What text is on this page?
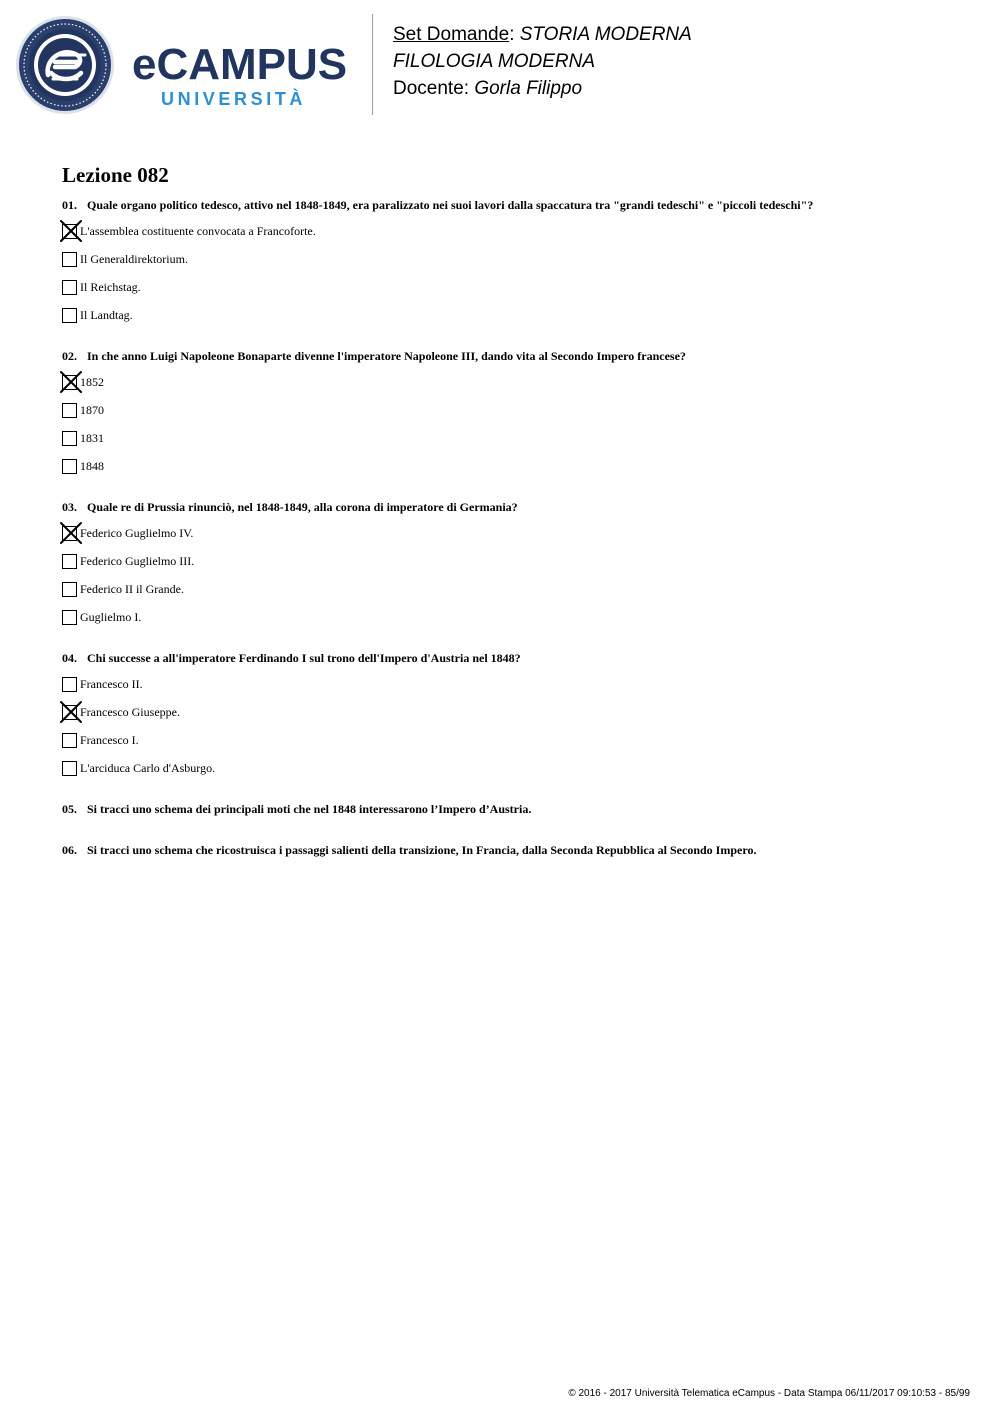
eCAMPUS
UNIVERSITÀ
Set Domande: STORIA MODERNA
FILOLOGIA MODERNA
Docente: Gorla Filippo
Lezione 082
01. Quale organo politico tedesco, attivo nel 1848-1849, era paralizzato nei suoi lavori dalla spaccatura tra "grandi tedeschi" e "piccoli tedeschi"?
L'assemblea costituente convocata a Francoforte.
Il Generaldirektorium.
Il Reichstag.
Il Landtag.
02. In che anno Luigi Napoleone Bonaparte divenne l'imperatore Napoleone III, dando vita al Secondo Impero francese?
1852
1870
1831
1848
03. Quale re di Prussia rinunciò, nel 1848-1849, alla corona di imperatore di Germania?
Federico Guglielmo IV.
Federico Guglielmo III.
Federico II il Grande.
Guglielmo I.
04. Chi successe a all'imperatore Ferdinando I sul trono dell'Impero d'Austria nel 1848?
Francesco II.
Francesco Giuseppe.
Francesco I.
L'arciduca Carlo d'Asburgo.
05. Si tracci uno schema dei principali moti che nel 1848 interessarono l’Impero d’Austria.
06. Si tracci uno schema che ricostruisca i passaggi salienti della transizione, In Francia, dalla Seconda Repubblica al Secondo Impero.
© 2016 - 2017 Università Telematica eCampus - Data Stampa 06/11/2017 09:10:53 - 85/99
